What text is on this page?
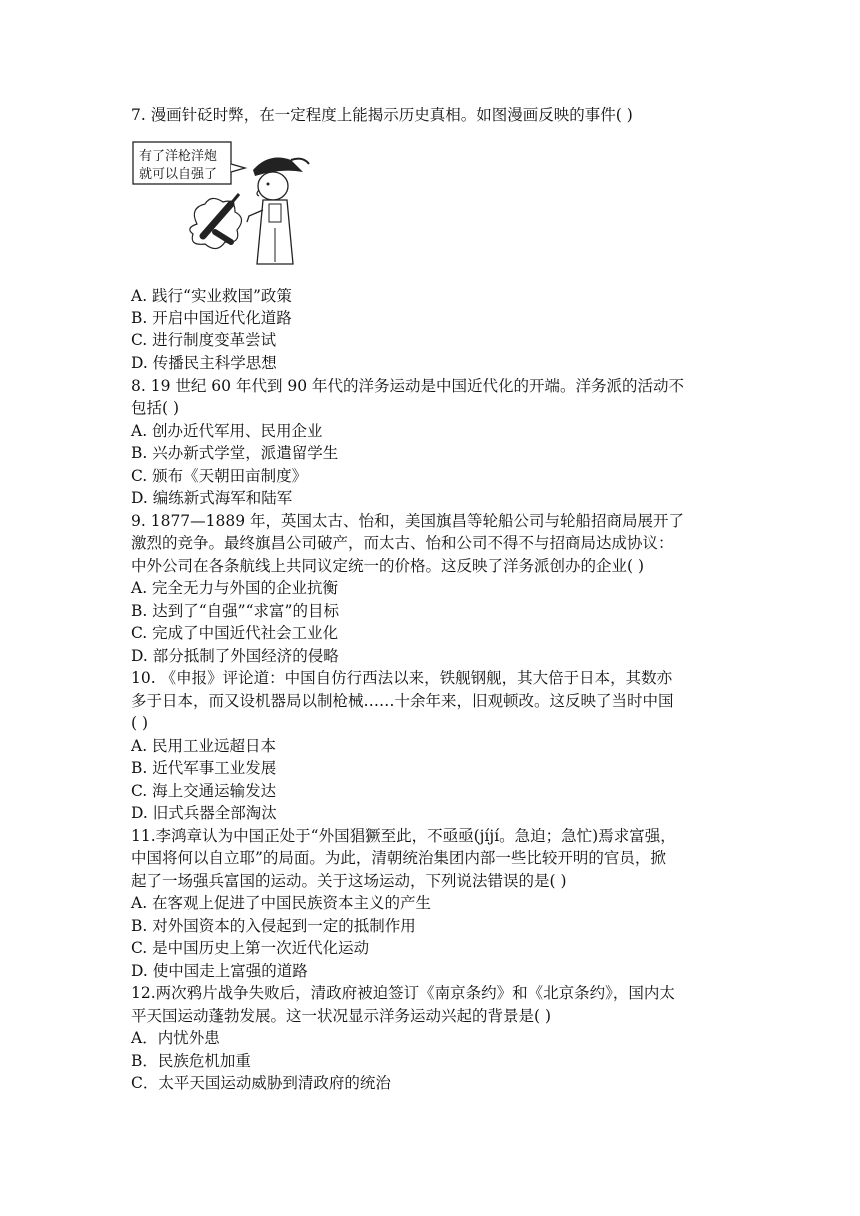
7. 漫画针砭时弊，在一定程度上能揭示历史真相。如图漫画反映的事件( )
有了洋枪洋炮
就可以自强了
A. 践行“实业救国”政策
B. 开启中国近代化道路
C. 进行制度变革尝试
D. 传播民主科学思想
8. 19 世纪 60 年代到 90 年代的洋务运动是中国近代化的开端。洋务派的活动不
包括( )
A. 创办近代军用、民用企业
B. 兴办新式学堂，派遣留学生
C. 颁布《天朝田亩制度》
D. 编练新式海军和陆军
9. 1877—1889 年，英国太古、怡和，美国旗昌等轮船公司与轮船招商局展开了
激烈的竞争。最终旗昌公司破产，而太古、怡和公司不得不与招商局达成协议：
中外公司在各条航线上共同议定统一的价格。这反映了洋务派创办的企业( )
A. 完全无力与外国的企业抗衡
B. 达到了“自强”“求富”的目标
C. 完成了中国近代社会工业化
D. 部分抵制了外国经济的侵略
10. 《申报》评论道：中国自仿行西法以来，铁舰钢舰，其大倍于日本，其数亦
多于日本，而又设机器局以制枪械……十余年来，旧观顿改。这反映了当时中国
( )
A. 民用工业远超日本
B. 近代军事工业发展
C. 海上交通运输发达
D. 旧式兵器全部淘汰
11.李鸿章认为中国正处于“外国猖獗至此，不亟亟(jíjí。急迫；急忙)焉求富强，
中国将何以自立耶”的局面。为此，清朝统治集团内部一些比较开明的官员，掀
起了一场强兵富国的运动。关于这场运动，下列说法错误的是( )
A. 在客观上促进了中国民族资本主义的产生
B. 对外国资本的入侵起到一定的抵制作用
C. 是中国历史上第一次近代化运动
D. 使中国走上富强的道路
12.两次鸦片战争失败后，清政府被迫签订《南京条约》和《北京条约》，国内太
平天国运动蓬勃发展。这一状况显示洋务运动兴起的背景是( )
A．内忧外患
B．民族危机加重
C．太平天国运动威胁到清政府的统治
